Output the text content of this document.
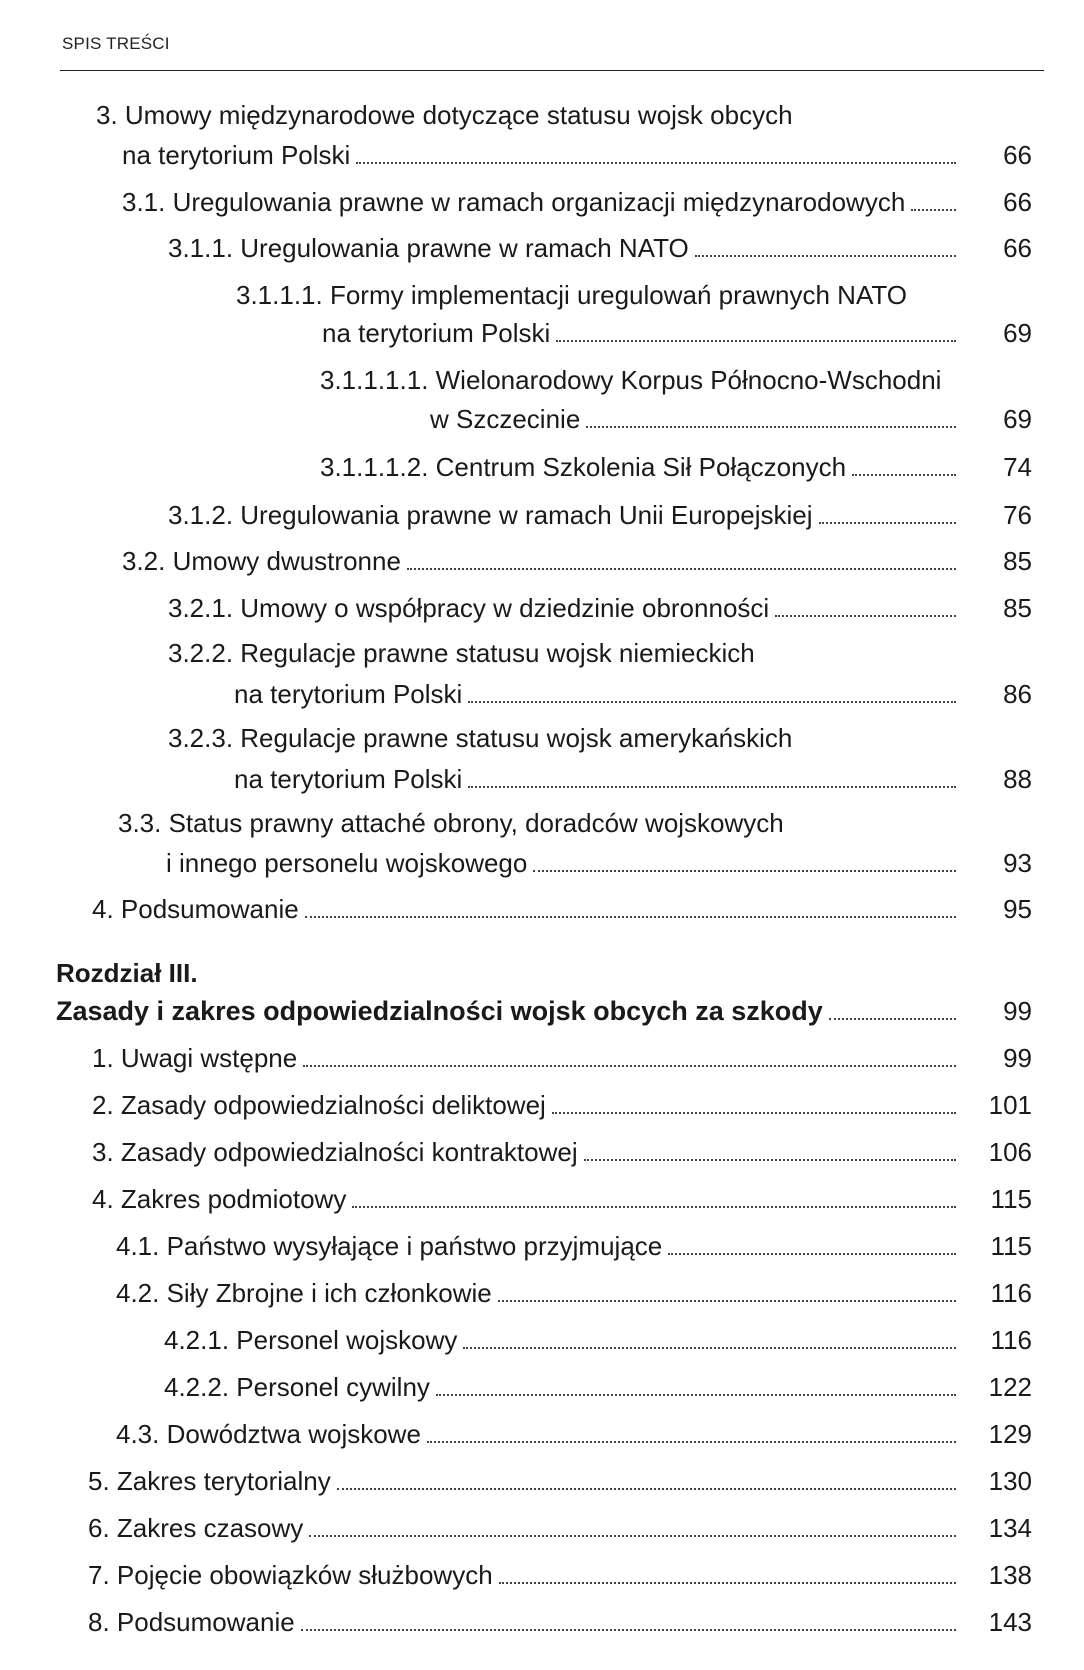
SPIS TREŚCI
3. Umowy międzynarodowe dotyczące statusu wojsk obcych
na terytorium Polski	66
3.1. Uregulowania prawne w ramach organizacji międzynarodowych	66
3.1.1. Uregulowania prawne w ramach NATO	66
3.1.1.1. Formy implementacji uregulowań prawnych NATO
na terytorium Polski	69
3.1.1.1.1. Wielonarodowy Korpus Północno-Wschodni
w Szczecinie	69
3.1.1.1.2. Centrum Szkolenia Sił Połączonych	74
3.1.2. Uregulowania prawne w ramach Unii Europejskiej	76
3.2. Umowy dwustronne	85
3.2.1. Umowy o współpracy w dziedzinie obronności	85
3.2.2. Regulacje prawne statusu wojsk niemieckich
na terytorium Polski	86
3.2.3. Regulacje prawne statusu wojsk amerykańskich
na terytorium Polski	88
3.3. Status prawny attaché obrony, doradców wojskowych
i innego personelu wojskowego	93
4. Podsumowanie	95
Rozdział III.
Zasady i zakres odpowiedzialności wojsk obcych za szkody	99
1. Uwagi wstępne	99
2. Zasady odpowiedzialności deliktowej	101
3. Zasady odpowiedzialności kontraktowej	106
4. Zakres podmiotowy	115
4.1. Państwo wysyłające i państwo przyjmujące	115
4.2. Siły Zbrojne i ich członkowie	116
4.2.1. Personel wojskowy	116
4.2.2. Personel cywilny	122
4.3. Dowództwa wojskowe	129
5. Zakres terytorialny	130
6. Zakres czasowy	134
7. Pojęcie obowiązków służbowych	138
8. Podsumowanie	143
